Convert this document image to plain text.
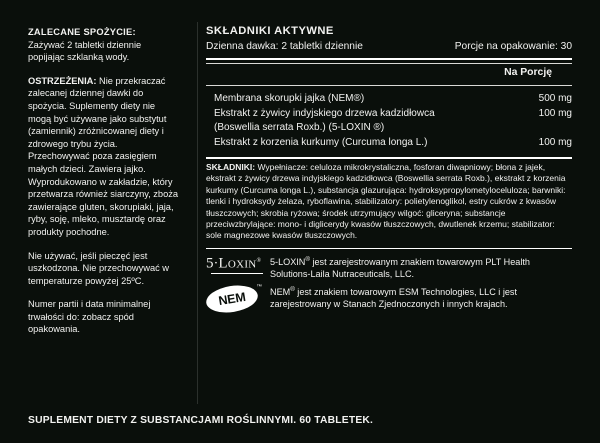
ZALECANE SPOŻYCIE:
Zażywać 2 tabletki dziennie popijając szklanką wody.

OSTRZEŻENIA: Nie przekraczać zalecanej dziennej dawki do spożycia. Suplementy diety nie mogą być używane jako substytut (zamiennik) zróżnicowanej diety i zdrowego trybu życia. Przechowywać poza zasięgiem małych dzieci. Zawiera jajko. Wyprodukowano w zakładzie, który przetwarza również siarczyny, zboża zawierające gluten, skorupiaki, jaja, ryby, soję, mleko, musztardę oraz produkty pochodne.

Nie używać, jeśli pieczęć jest uszkodzona. Nie przechowywać w temperaturze powyżej 25ºC.

Numer partii i data minimalnej trwałości do: zobacz spód opakowania.

SKŁADNIKI AKTYWNE
Dzienna dawka: 2 tabletki dziennie	Porcje na opakowanie: 30
Na Porcję
Membrana skorupki jajka (NEM®)	500 mg
Ekstrakt z żywicy indyjskiego drzewa kadzidłowca	100 mg
(Boswellia serrata Roxb.) (5-LOXIN ®)
Ekstrakt z korzenia kurkumy (Curcuma longa L.)	100 mg
SKŁADNIKI: Wypełniacze: celuloza mikrokrystaliczna, fosforan diwapniowy; błona z jajek, ekstrakt z żywicy drzewa indyjskiego kadzidłowca (Boswellia serrata Roxb.), ekstrakt z korzenia kurkumy (Curcuma longa L.), substancja glazurująca: hydroksypropylometyloceluloza; barwniki: tlenki i hydroksydy żelaza, ryboflawina, stabilizatory: polietylenoglikol, estry cukrów z kwasów tłuszczowych; skrobia ryżowa; środek utrzymujący wilgoć: gliceryna; substancje przeciwzbrylające: mono- i diglicerydy kwasów tłuszczowych, dwutlenek krzemu; stabilizator: sole magnezowe kwasów tłuszczowych.
5·Loxin® 5-LOXIN® jest zarejestrowanym znakiem towarowym PLT Health Solutions-Laila Nutraceuticals, LLC.
NEM
™
NEM® jest znakiem towarowym ESM Technologies, LLC i jest zarejestrowany w Stanach Zjednoczonych i innych krajach.
SUPLEMENT DIETY Z SUBSTANCJAMI ROŚLINNYMI. 60 TABLETEK.
